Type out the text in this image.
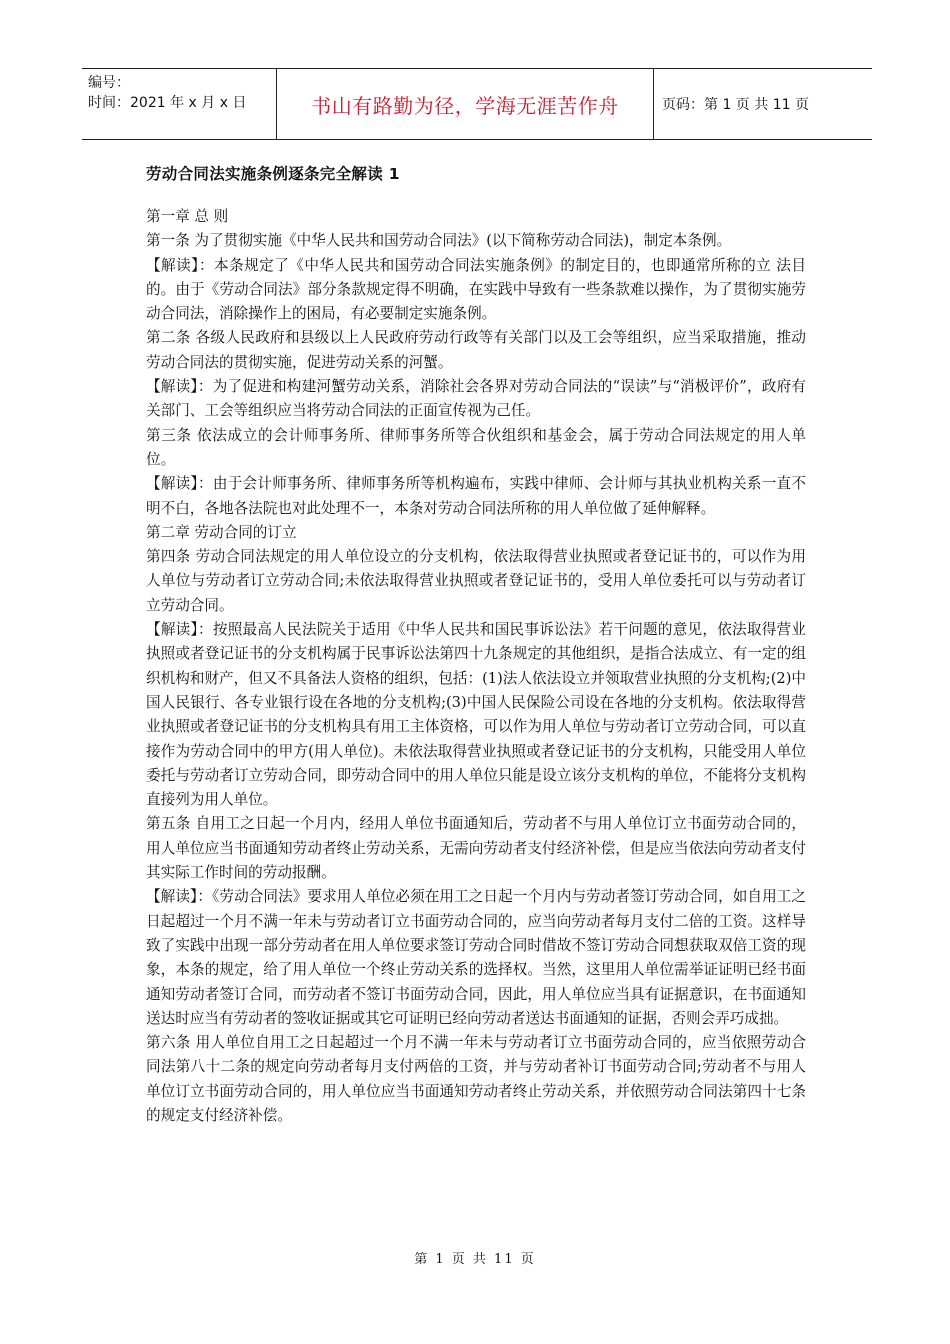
编号：
时间：2021 年 x 月 x 日	书山有路勤为径，学海无涯苦作舟	页码：第 1 页 共 11 页
劳动合同法实施条例逐条完全解读 1

第一章 总 则

第一条 为了贯彻实施《中华人民共和国劳动合同法》(以下简称劳动合同法)，制定本条例。

【解读】：本条规定了《中华人民共和国劳动合同法实施条例》的制定目的，也即通常所称的立 法目的。由于《劳动合同法》部分条款规定得不明确，在实践中导致有一些条款难以操作，为了贯彻实施劳动合同法，消除操作上的困局，有必要制定实施条例。

第二条 各级人民政府和县级以上人民政府劳动行政等有关部门以及工会等组织，应当采取措施，推动劳动合同法的贯彻实施，促进劳动关系的河蟹。

【解读】：为了促进和构建河蟹劳动关系，消除社会各界对劳动合同法的“误读”与“消极评价”，政府有关部门、工会等组织应当将劳动合同法的正面宣传视为己任。

第三条 依法成立的会计师事务所、律师事务所等合伙组织和基金会，属于劳动合同法规定的用人单位。

【解读】：由于会计师事务所、律师事务所等机构遍布，实践中律师、会计师与其执业机构关系一直不明不白，各地各法院也对此处理不一，本条对劳动合同法所称的用人单位做了延伸解释。

第二章 劳动合同的订立

第四条 劳动合同法规定的用人单位设立的分支机构，依法取得营业执照或者登记证书的，可以作为用人单位与劳动者订立劳动合同;未依法取得营业执照或者登记证书的，受用人单位委托可以与劳动者订立劳动合同。

【解读】：按照最高人民法院关于适用《中华人民共和国民事诉讼法》若干问题的意见，依法取得营业执照或者登记证书的分支机构属于民事诉讼法第四十九条规定的其他组织，是指合法成立、有一定的组织机构和财产，但又不具备法人资格的组织，包括：(1)法人依法设立并领取营业执照的分支机构;(2)中国人民银行、各专业银行设在各地的分支机构;(3)中国人民保险公司设在各地的分支机构。依法取得营业执照或者登记证书的分支机构具有用工主体资格，可以作为用人单位与劳动者订立劳动合同，可以直接作为劳动合同中的甲方(用人单位)。未依法取得营业执照或者登记证书的分支机构，只能受用人单位委托与劳动者订立劳动合同，即劳动合同中的用人单位只能是设立该分支机构的单位，不能将分支机构直接列为用人单位。

第五条 自用工之日起一个月内，经用人单位书面通知后，劳动者不与用人单位订立书面劳动合同的，用人单位应当书面通知劳动者终止劳动关系，无需向劳动者支付经济补偿，但是应当依法向劳动者支付其实际工作时间的劳动报酬。

【解读】：《劳动合同法》要求用人单位必须在用工之日起一个月内与劳动者签订劳动合同，如自用工之日起超过一个月不满一年未与劳动者订立书面劳动合同的，应当向劳动者每月支付二倍的工资。这样导致了实践中出现一部分劳动者在用人单位要求签订劳动合同时借故不签订劳动合同想获取双倍工资的现象，本条的规定，给了用人单位一个终止劳动关系的选择权。当然，这里用人单位需举证证明已经书面通知劳动者签订合同，而劳动者不签订书面劳动合同，因此，用人单位应当具有证据意识，在书面通知送达时应当有劳动者的签收证据或其它可证明已经向劳动者送达书面通知的证据，否则会弄巧成拙。

第六条 用人单位自用工之日起超过一个月不满一年未与劳动者订立书面劳动合同的，应当依照劳动合同法第八十二条的规定向劳动者每月支付两倍的工资，并与劳动者补订书面劳动合同;劳动者不与用人单位订立书面劳动合同的，用人单位应当书面通知劳动者终止劳动关系，并依照劳动合同法第四十七条的规定支付经济补偿。

第 1 页 共 11 页
